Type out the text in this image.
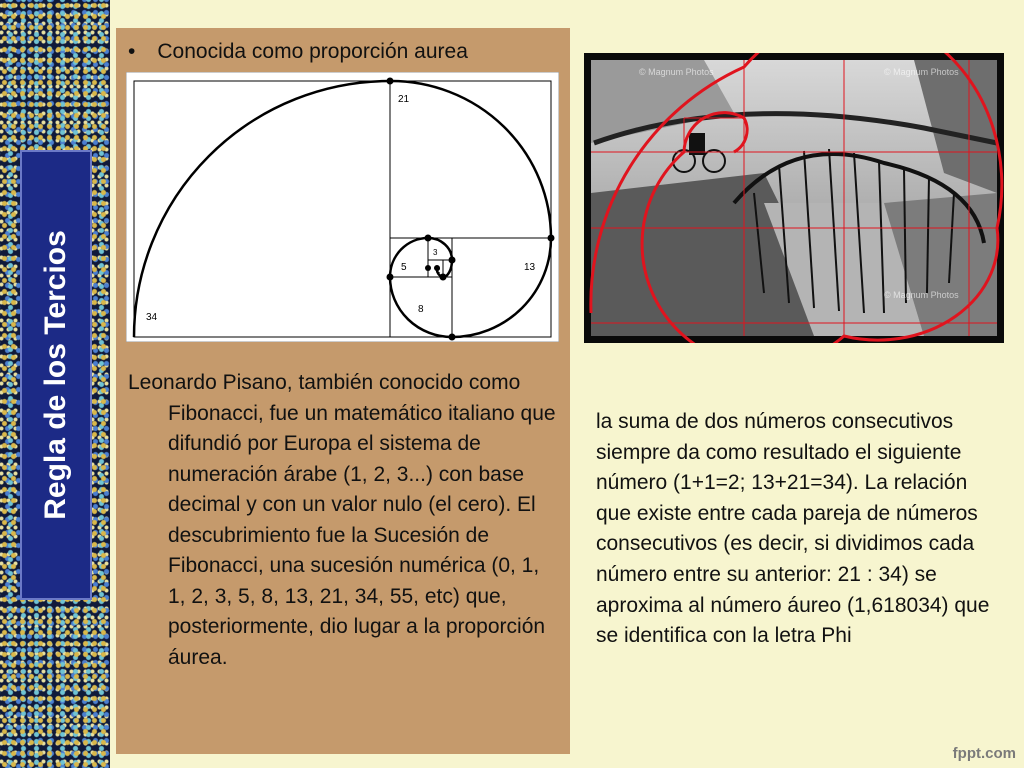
Regla de los Tercios
• Conocida como proporción aurea
34
21
13
8
5
3
2
Leonardo Pisano, también conocido como Fibonacci, fue un matemático italiano que difundió por Europa el sistema de numeración árabe (1, 2, 3...) con base decimal y con un valor nulo (el cero). El descubrimiento fue la Sucesión de Fibonacci, una sucesión numérica (0, 1, 1, 2, 3, 5, 8, 13, 21, 34, 55, etc) que, posteriormente, dio lugar a la proporción áurea.
© Magnum Photos	© Magnum Photos
© Magnum Photos
la suma de dos números consecutivos siempre da como resultado el siguiente número (1+1=2; 13+21=34). La relación que existe entre cada pareja de números consecutivos (es decir, si dividimos cada número entre su anterior: 21 : 34) se aproxima al número áureo (1,618034) que se identifica con la letra Phi
fppt.com
